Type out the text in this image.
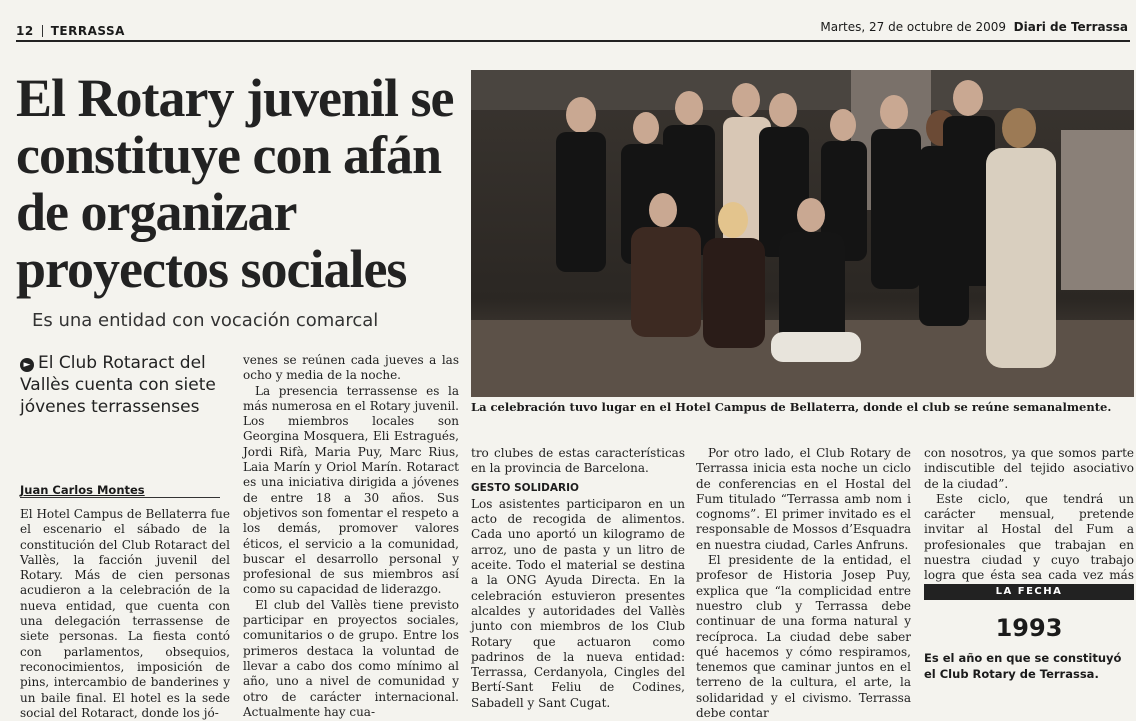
12 TERRASSA	Martes, 27 de octubre de 2009 Diari de Terrassa
El Rotary juvenil se constituye con afán de organizar proyectos sociales
Es una entidad con vocación comarcal
La celebración tuvo lugar en el Hotel Campus de Bellaterra, donde el club se reúne semanalmente.
► El Club Rotaract del Vallès cuenta con siete jóvenes terrassenses
Juan Carlos Montes

El Hotel Campus de Bellaterra fue el escenario el sábado de la constitución del Club Rotaract del Vallès, la facción juvenil del Rotary. Más de cien personas acudieron a la celebración de la nueva entidad, que cuenta con una delegación terrassense de siete personas. La fiesta contó con parlamentos, obsequios, reconocimientos, imposición de pins, intercambio de banderines y un baile final. El hotel es la sede social del Rotaract, donde los jó-

venes se reúnen cada jueves a las ocho y media de la noche.

La presencia terrassense es la más numerosa en el Rotary juvenil. Los miembros locales son Georgina Mosquera, Eli Estragués, Jordi Rifà, Maria Puy, Marc Rius, Laia Marín y Oriol Marín. Rotaract es una iniciativa dirigida a jóvenes de entre 18 a 30 años. Sus objetivos son fomentar el respeto a los demás, promover valores éticos, el servicio a la comunidad, buscar el desarrollo personal y profesional de sus miembros así como su capacidad de liderazgo.

El club del Vallès tiene previsto participar en proyectos sociales, comunitarios o de grupo. Entre los primeros destaca la voluntad de llevar a cabo dos como mínimo al año, uno a nivel de comunidad y otro de carácter internacional. Actualmente hay cua-

tro clubes de estas características en la provincia de Barcelona.

GESTO SOLIDARIO

Los asistentes participaron en un acto de recogida de alimentos. Cada uno aportó un kilogramo de arroz, uno de pasta y un litro de aceite. Todo el material se destina a la ONG Ayuda Directa. En la celebración estuvieron presentes alcaldes y autoridades del Vallès junto con miembros de los Club Rotary que actuaron como padrinos de la nueva entidad: Terrassa, Cerdanyola, Cingles del Bertí-Sant Feliu de Codines, Sabadell y Sant Cugat.

Por otro lado, el Club Rotary de Terrassa inicia esta noche un ciclo de conferencias en el Hostal del Fum titulado “Terrassa amb nom i cognoms”. El primer invitado es el responsable de Mossos d’Esquadra en nuestra ciudad, Carles Anfruns.

El presidente de la entidad, el profesor de Historia Josep Puy, explica que “la complicidad entre nuestro club y Terrassa debe continuar de una forma natural y recíproca. La ciudad debe saber qué hacemos y cómo respiramos, tenemos que caminar juntos en el terreno de la cultura, el arte, la solidaridad y el civismo. Terrassa debe contar

con nosotros, ya que somos parte indiscutible del tejido asociativo de la ciudad”.

Este ciclo, que tendrá un carácter mensual, pretende invitar al Hostal del Fum a profesionales que trabajan en nuestra ciudad y cuyo trabajo logra que ésta sea cada vez más

LA FECHA
1993
Es el año en que se constituyó el Club Rotary de Terrassa.
